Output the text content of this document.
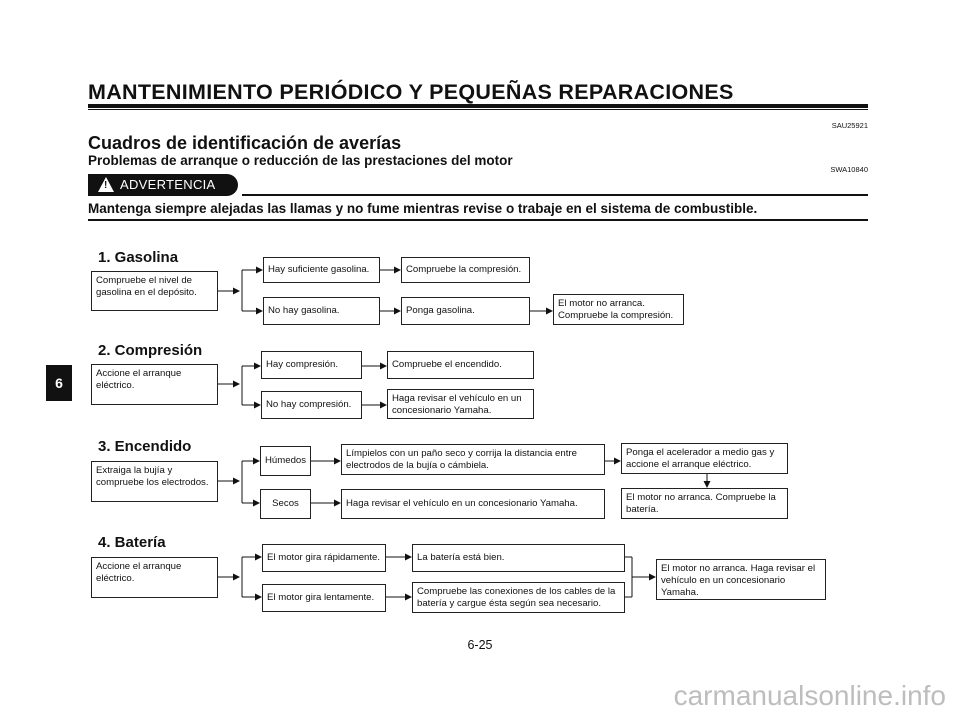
MANTENIMIENTO PERIÓDICO Y PEQUEÑAS REPARACIONES
SAU25921
Cuadros de identificación de averías
Problemas de arranque o reducción de las prestaciones del motor
SWA10840
! ADVERTENCIA
Mantenga siempre alejadas las llamas y no fume mientras revise o trabaje en el sistema de combustible.
1. Gasolina
Compruebe el nivel de gasolina en el depósito.
Hay suficiente gasolina.	Compruebe la compresión.
No hay gasolina.	Ponga gasolina.
El motor no arranca. Compruebe la compresión.
2. Compresión
Accione el arranque eléctrico.
Hay compresión.	Compruebe el encendido.
No hay compresión.
Haga revisar el vehículo en un concesionario Yamaha.
3. Encendido
Extraiga la bujía y compruebe los electrodos.
Húmedos
Límpielos con un paño seco y corrija la distancia entre electrodos de la bujía o cámbiela.
Ponga el acelerador a medio gas y accione el arranque eléctrico.
Secos	Haga revisar el vehículo en un concesionario Yamaha.
El motor no arranca. Compruebe la batería.
4. Batería
Accione el arranque eléctrico.
El motor gira rápidamente.	La batería está bien.
El motor gira lentamente.
Compruebe las conexiones de los cables de la batería y cargue ésta según sea necesario.
El motor no arranca. Haga revisar el vehículo en un concesionario Yamaha.
6
6-25
carmanualsonline.info
